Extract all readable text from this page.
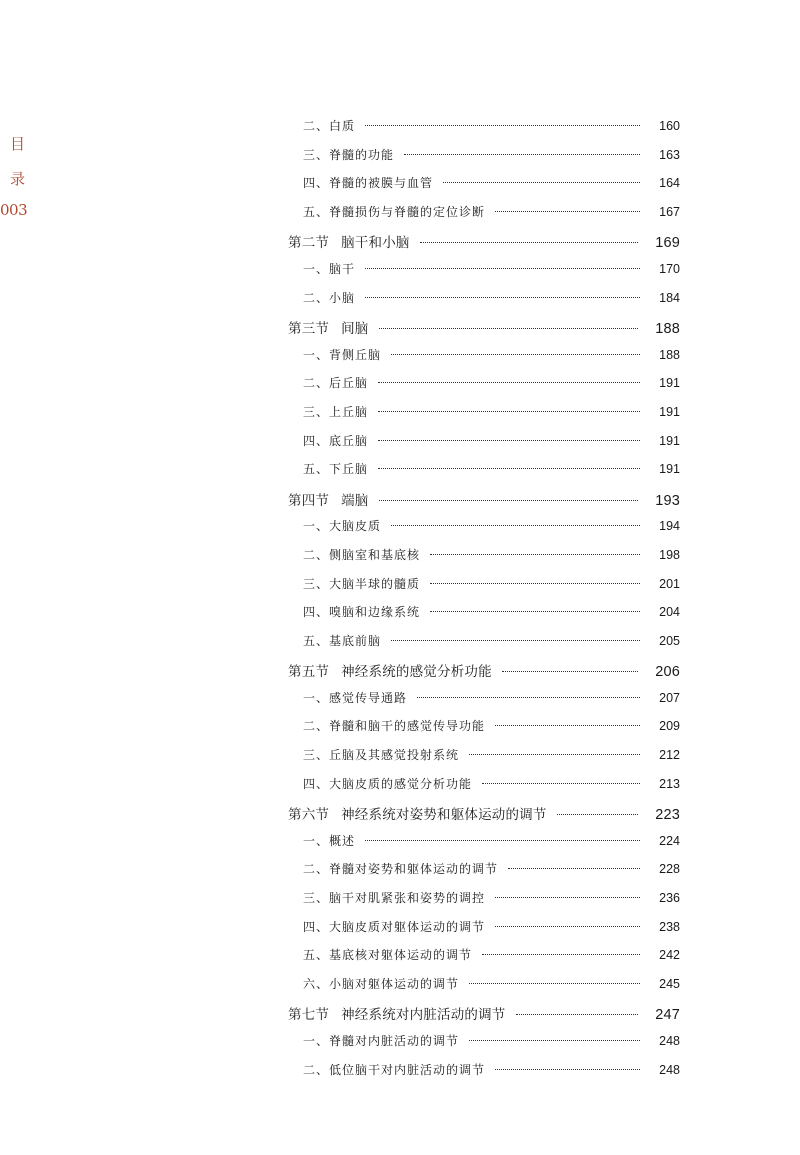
目
录
003
二、白质	160
三、脊髓的功能	163
四、脊髓的被膜与血管	164
五、脊髓损伤与脊髓的定位诊断	167
第二节 脑干和小脑	169
一、脑干	170
二、小脑	184
第三节 间脑	188
一、背侧丘脑	188
二、后丘脑	191
三、上丘脑	191
四、底丘脑	191
五、下丘脑	191
第四节 端脑	193
一、大脑皮质	194
二、侧脑室和基底核	198
三、大脑半球的髓质	201
四、嗅脑和边缘系统	204
五、基底前脑	205
第五节 神经系统的感觉分析功能	206
一、感觉传导通路	207
二、脊髓和脑干的感觉传导功能	209
三、丘脑及其感觉投射系统	212
四、大脑皮质的感觉分析功能	213
第六节 神经系统对姿势和躯体运动的调节	223
一、概述	224
二、脊髓对姿势和躯体运动的调节	228
三、脑干对肌紧张和姿势的调控	236
四、大脑皮质对躯体运动的调节	238
五、基底核对躯体运动的调节	242
六、小脑对躯体运动的调节	245
第七节 神经系统对内脏活动的调节	247
一、脊髓对内脏活动的调节	248
二、低位脑干对内脏活动的调节	248
